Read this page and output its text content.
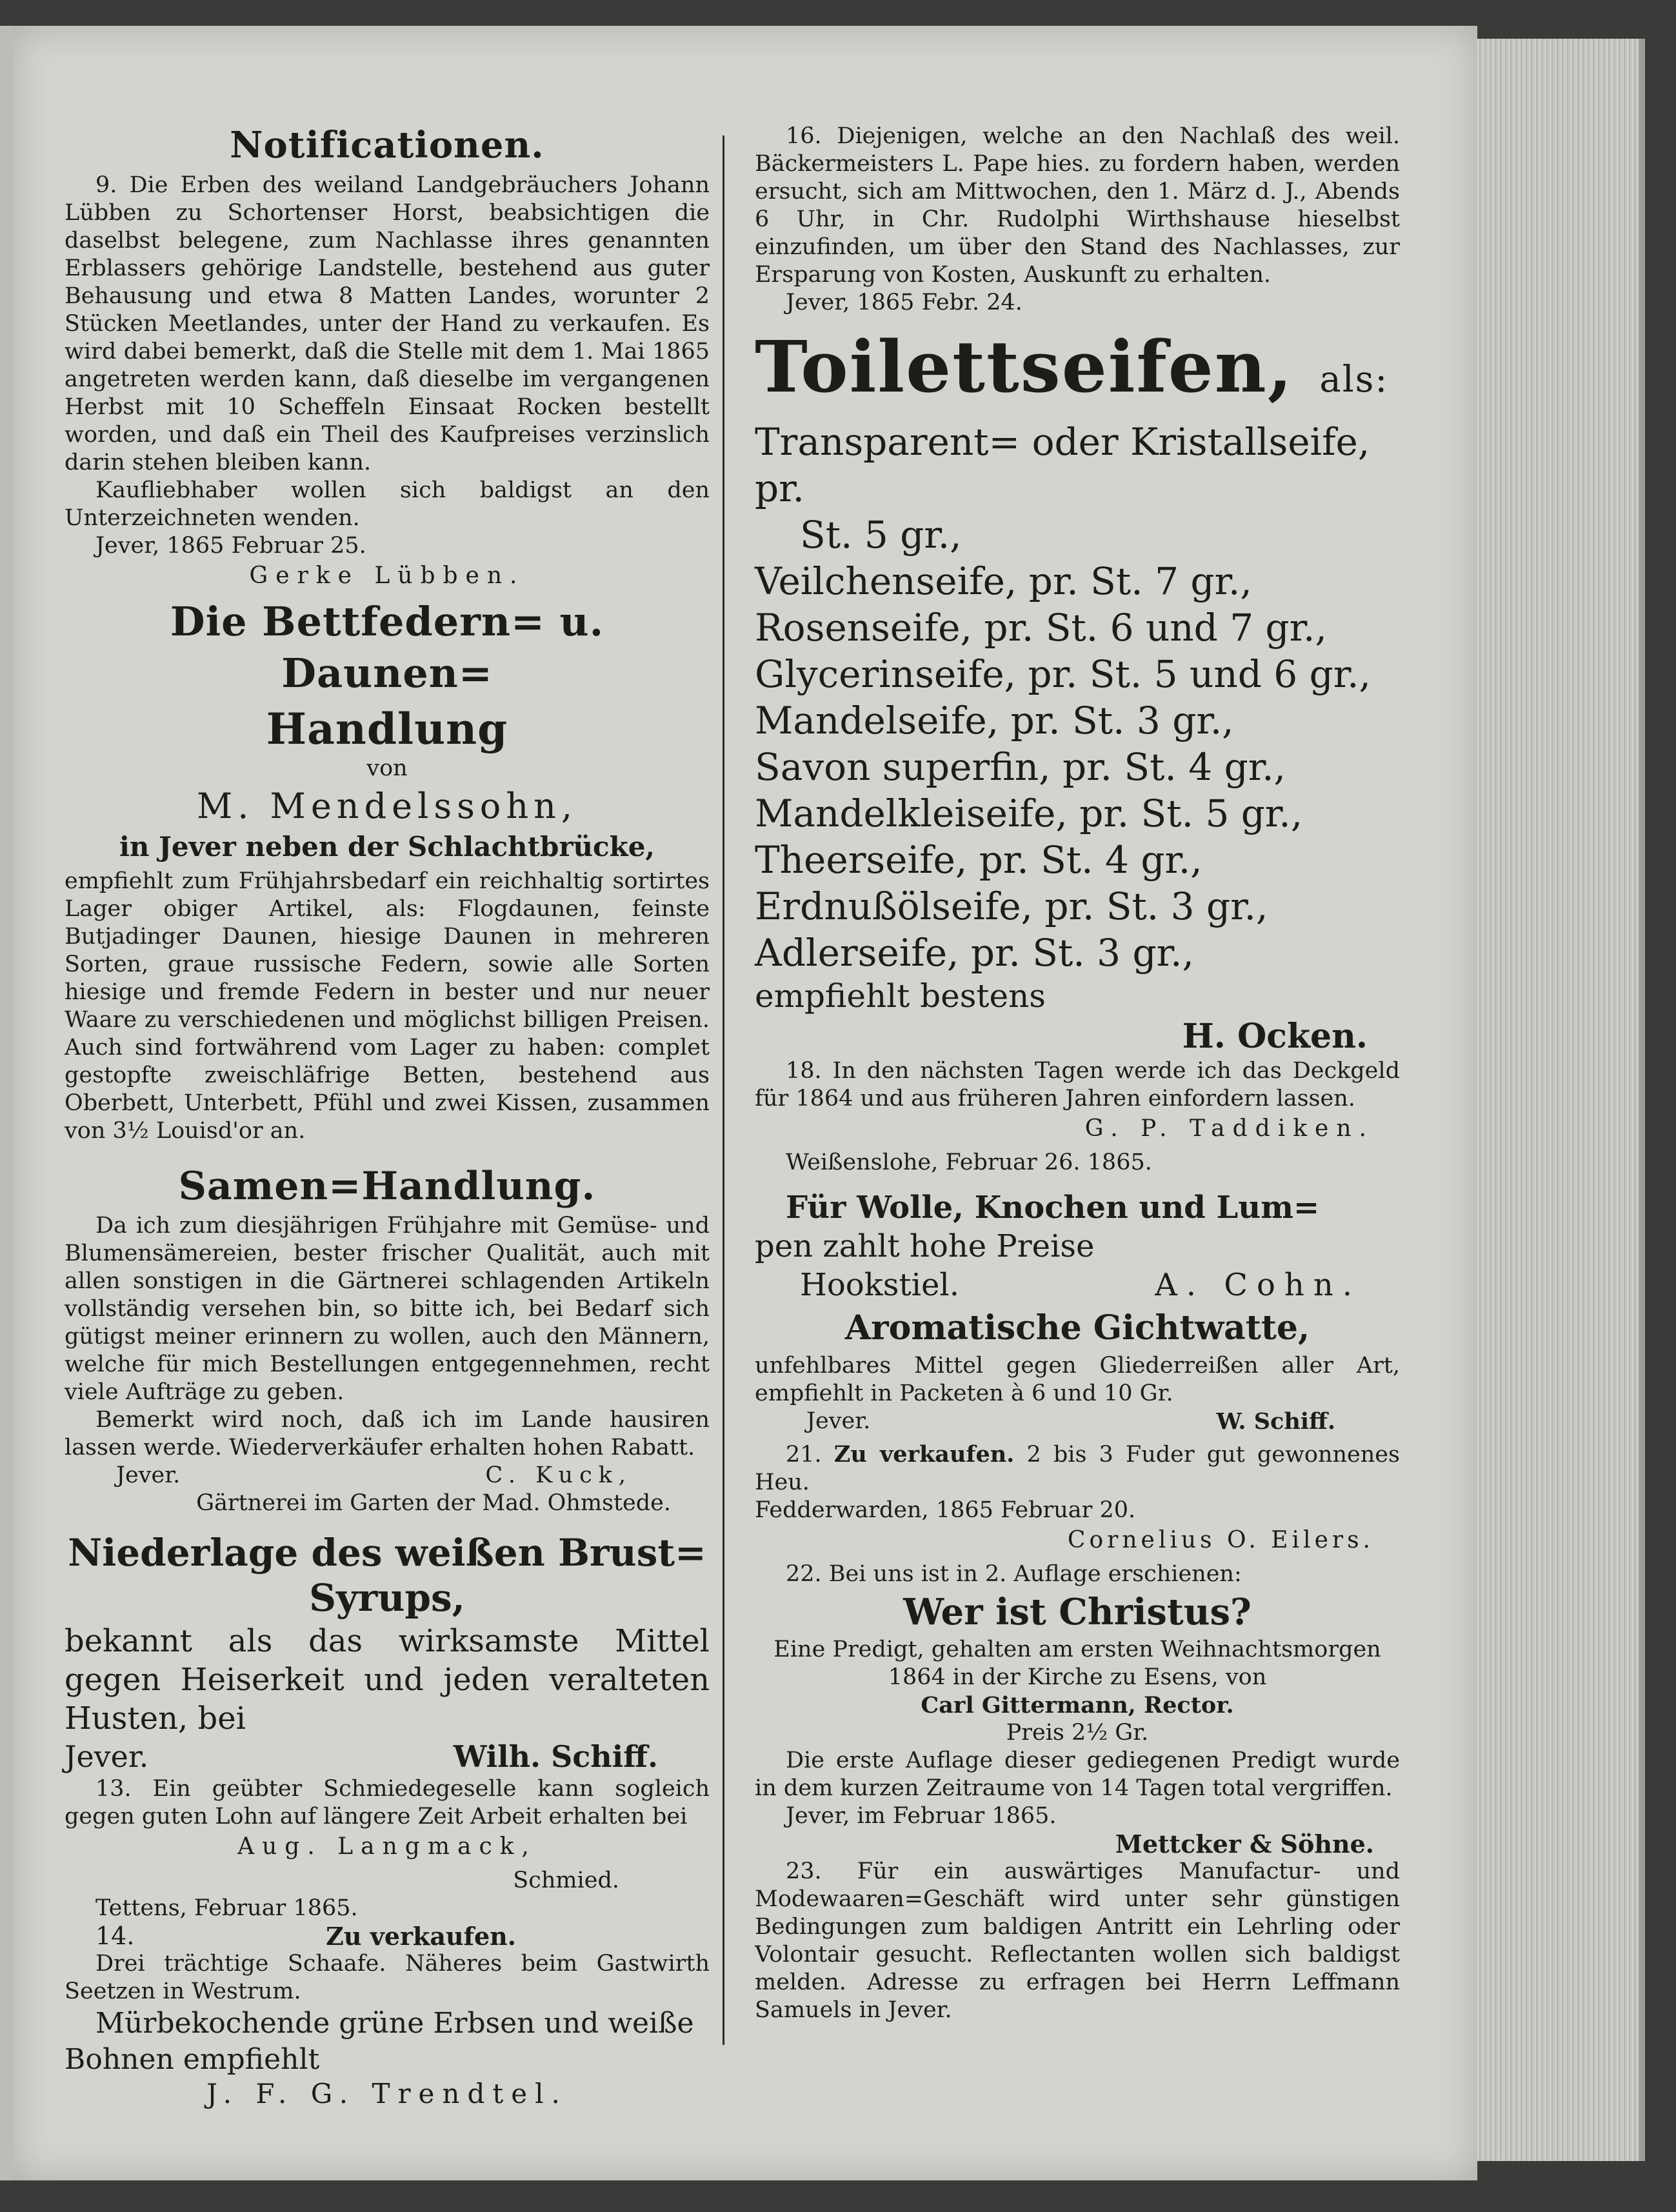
Notificationen.

9. Die Erben des weiland Landgebräuchers Johann Lübben zu Schortenser Horst, beabsichtigen die daselbst belegene, zum Nachlasse ihres genannten Erblassers gehörige Landstelle, bestehend aus guter Behausung und etwa 8 Matten Landes, worunter 2 Stücken Meetlandes, unter der Hand zu verkaufen. Es wird dabei bemerkt, daß die Stelle mit dem 1. Mai 1865 angetreten werden kann, daß dieselbe im vergangenen Herbst mit 10 Scheffeln Einsaat Rocken bestellt worden, und daß ein Theil des Kaufpreises verzinslich darin stehen bleiben kann.

Kaufliebhaber wollen sich baldigst an den Unterzeichneten wenden.

Jever, 1865 Februar 25.

Gerke Lübben.
Die Bettfedern= u. Daunen=
Handlung

von

M. Mendelssohn,
in Jever neben der Schlachtbrücke,

empfiehlt zum Frühjahrsbedarf ein reichhaltig sortirtes Lager obiger Artikel, als: Flogdaunen, feinste Butjadinger Daunen, hiesige Daunen in mehreren Sorten, graue russische Federn, sowie alle Sorten hiesige und fremde Federn in bester und nur neuer Waare zu verschiedenen und möglichst billigen Preisen. Auch sind fortwährend vom Lager zu haben: complet gestopfte zweischläfrige Betten, bestehend aus Oberbett, Unterbett, Pfühl und zwei Kissen, zusammen von 3½ Louisd'or an.

Samen=Handlung.

Da ich zum diesjährigen Frühjahre mit Gemüse- und Blumensämereien, bester frischer Qualität, auch mit allen sonstigen in die Gärtnerei schlagenden Artikeln vollständig versehen bin, so bitte ich, bei Bedarf sich gütigst meiner erinnern zu wollen, auch den Männern, welche für mich Bestellungen entgegennehmen, recht viele Aufträge zu geben.

Bemerkt wird noch, daß ich im Lande hausiren lassen werde. Wiederverkäufer erhalten hohen Rabatt.

Jever.	C. Kuck,

Gärtnerei im Garten der Mad. Ohmstede.

Niederlage des weißen Brust=
Syrups,

bekannt als das wirksamste Mittel gegen Heiserkeit und jeden veralteten Husten, bei

Jever.	Wilh. Schiff.

13. Ein geübter Schmiedegeselle kann sogleich gegen guten Lohn auf längere Zeit Arbeit erhalten bei

Aug. Langmack,

Schmied.

Tettens, Februar 1865.

14.	Zu verkaufen.

Drei trächtige Schaafe. Näheres beim Gastwirth Seetzen in Westrum.

Mürbekochende grüne Erbsen und weiße Bohnen empfiehlt

J. F. G. Trendtel.

16. Diejenigen, welche an den Nachlaß des weil. Bäckermeisters L. Pape hies. zu fordern haben, werden ersucht, sich am Mittwochen, den 1. März d. J., Abends 6 Uhr, in Chr. Rudolphi Wirthshause hieselbst einzufinden, um über den Stand des Nachlasses, zur Ersparung von Kosten, Auskunft zu erhalten.

Jever, 1865 Febr. 24.

Toilettseifen, als:

Transparent= oder Kristallseife, pr.

St. 5 gr.,

Veilchenseife, pr. St. 7 gr.,

Rosenseife, pr. St. 6 und 7 gr.,

Glycerinseife, pr. St. 5 und 6 gr.,

Mandelseife, pr. St. 3 gr.,

Savon superfin, pr. St. 4 gr.,

Mandelkleiseife, pr. St. 5 gr.,

Theerseife, pr. St. 4 gr.,

Erdnußölseife, pr. St. 3 gr.,

Adlerseife, pr. St. 3 gr.,

empfiehlt bestens

H. Ocken.

18. In den nächsten Tagen werde ich das Deckgeld für 1864 und aus früheren Jahren einfordern lassen.

G. P. Taddiken.

Weißenslohe, Februar 26. 1865.

Für Wolle, Knochen und Lum=

pen zahlt hohe Preise

Hookstiel.	A. Cohn.
Aromatische Gichtwatte,

unfehlbares Mittel gegen Gliederreißen aller Art, empfiehlt in Packeten à 6 und 10 Gr.

Jever.	W. Schiff.

21. Zu verkaufen. 2 bis 3 Fuder gut gewonnenes Heu.

Fedderwarden, 1865 Februar 20.

Cornelius O. Eilers.

22. Bei uns ist in 2. Auflage erschienen:

Wer ist Christus?

Eine Predigt, gehalten am ersten Weihnachtsmorgen

1864 in der Kirche zu Esens, von

Carl Gittermann, Rector.

Preis 2½ Gr.

Die erste Auflage dieser gediegenen Predigt wurde in dem kurzen Zeitraume von 14 Tagen total vergriffen.

Jever, im Februar 1865.

Mettcker & Söhne.

23. Für ein auswärtiges Manufactur- und Modewaaren=Geschäft wird unter sehr günstigen Bedingungen zum baldigen Antritt ein Lehrling oder Volontair gesucht. Reflectanten wollen sich baldigst melden. Adresse zu erfragen bei Herrn Leffmann Samuels in Jever.
